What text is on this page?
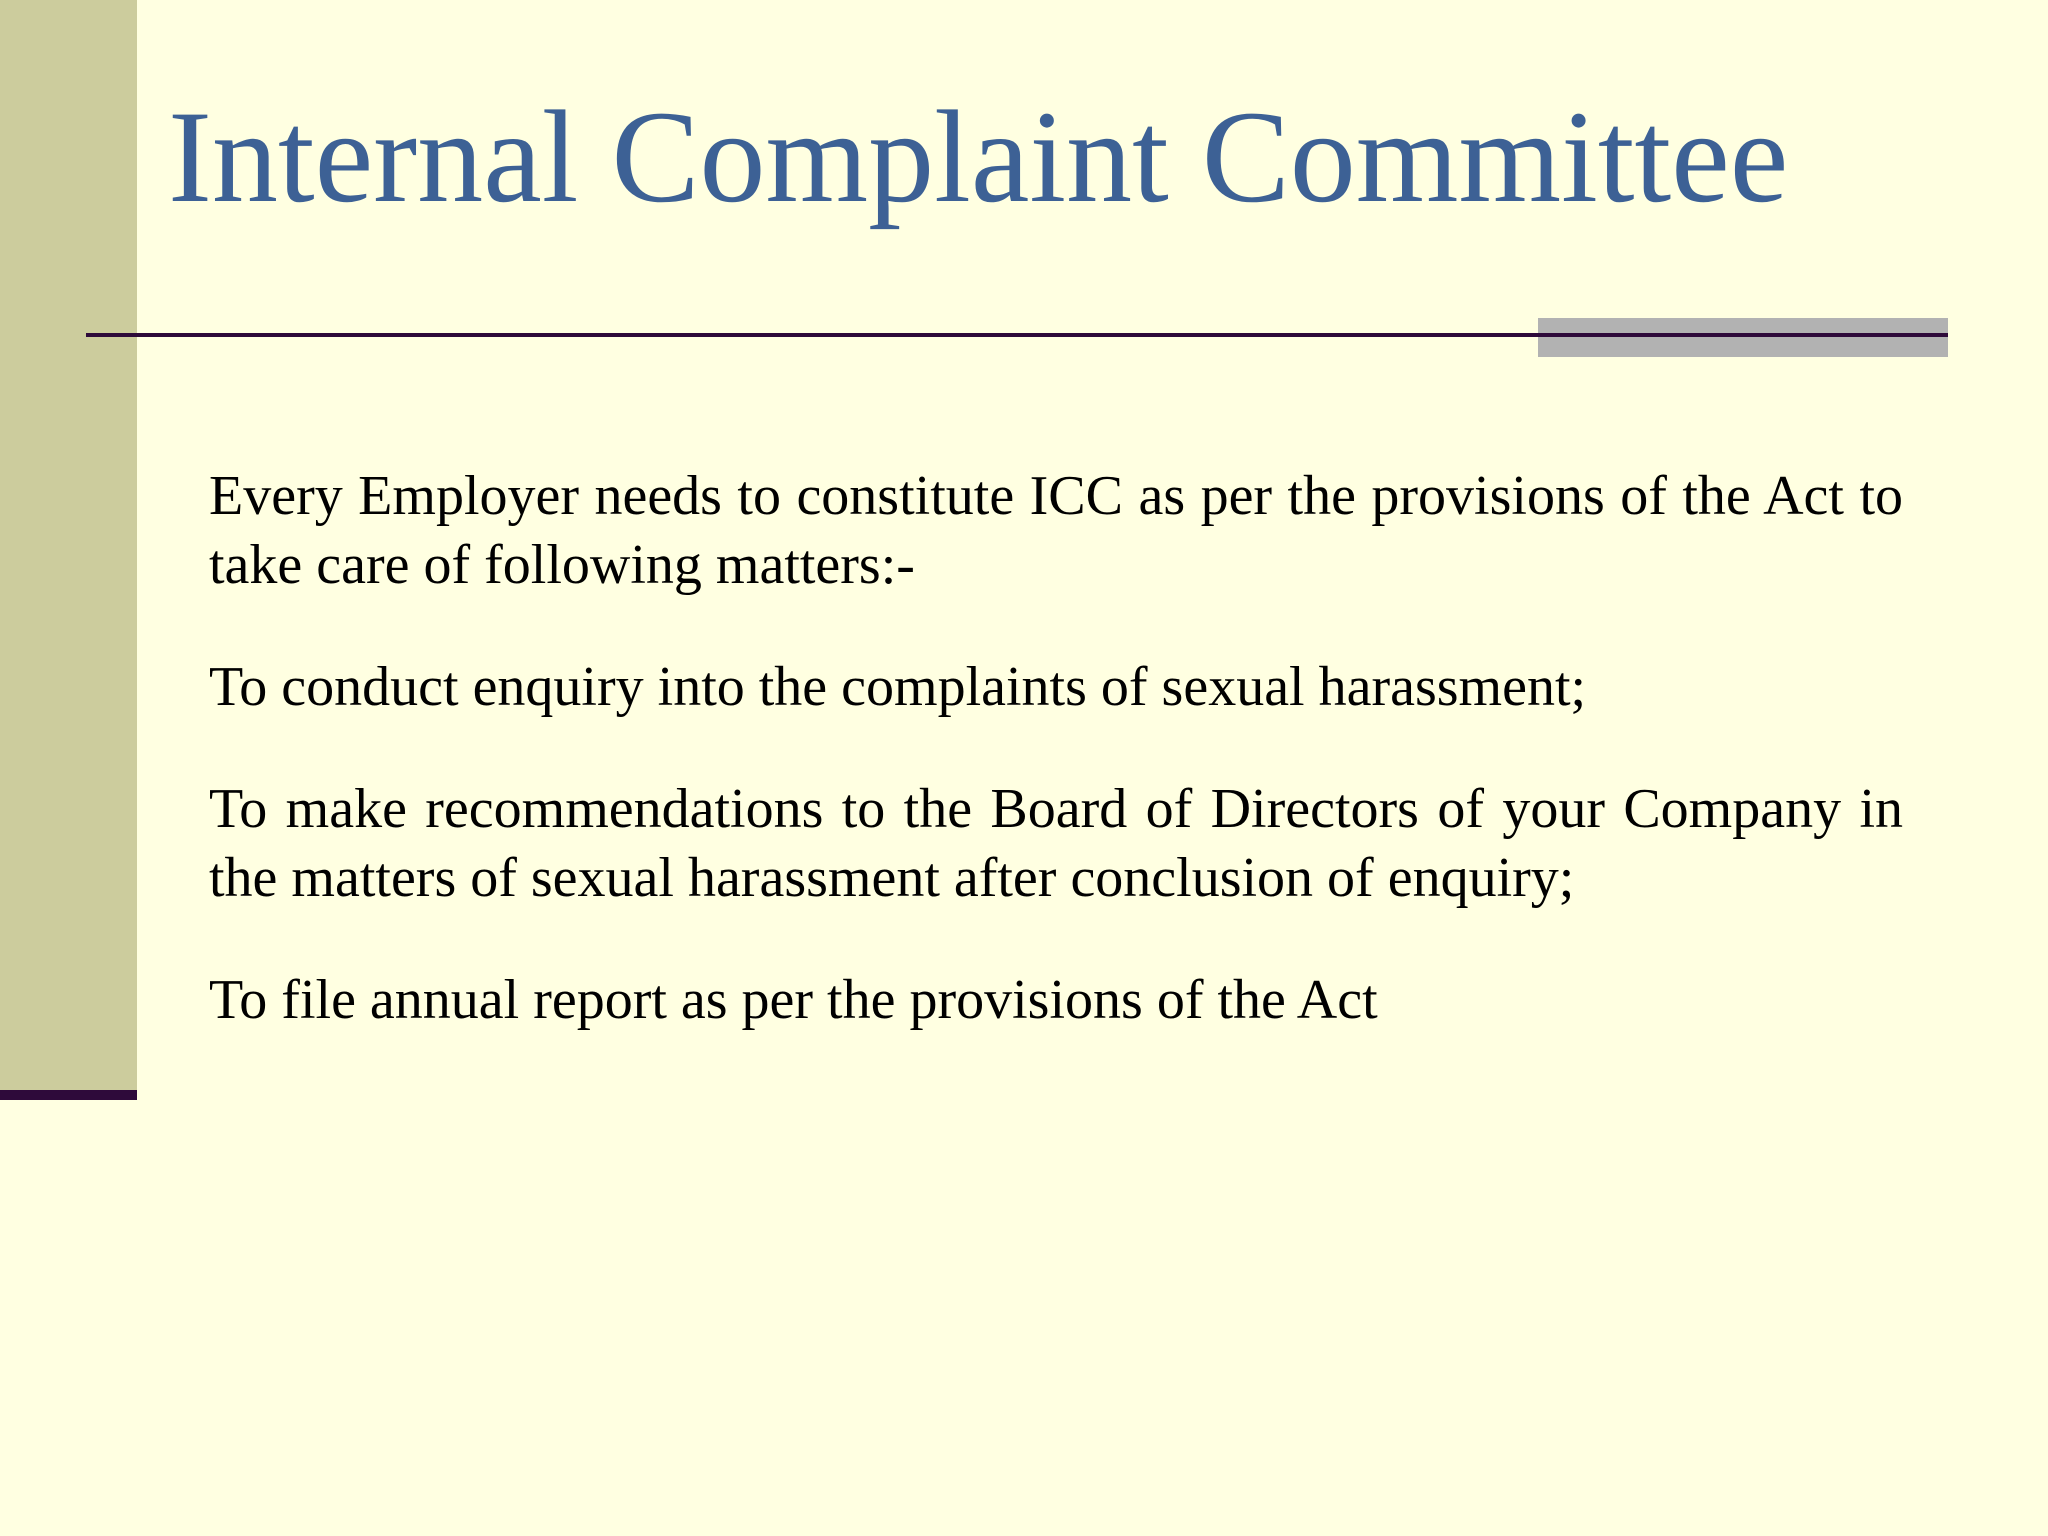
Internal Complaint Committee

Every Employer needs to constitute ICC as per the provisions of the Act to take care of following matters:-

To conduct enquiry into the complaints of sexual harassment;

To make recommendations to the Board of Directors of your Company in the matters of sexual harassment after conclusion of enquiry;

To file annual report as per the provisions of the Act
